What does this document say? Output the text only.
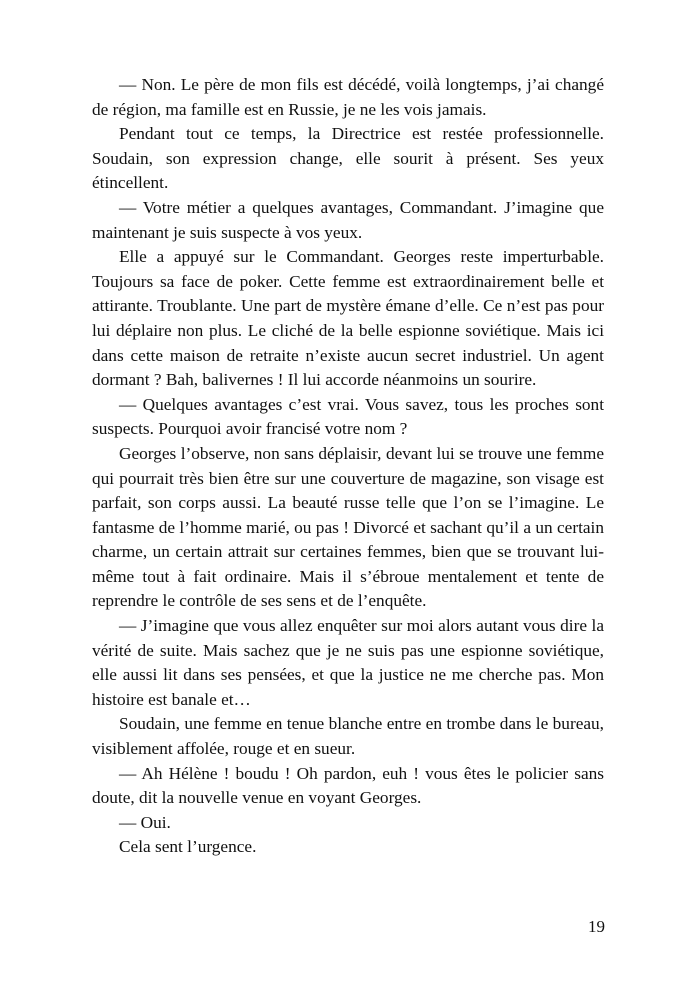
— Non. Le père de mon fils est décédé, voilà longtemps, j’ai changé de région, ma famille est en Russie, je ne les vois jamais.

Pendant tout ce temps, la Directrice est restée professionnelle. Soudain, son expression change, elle sourit à présent. Ses yeux étincellent.

— Votre métier a quelques avantages, Commandant. J’imagine que maintenant je suis suspecte à vos yeux.

Elle a appuyé sur le Commandant. Georges reste imperturbable. Toujours sa face de poker. Cette femme est extraordinairement belle et attirante. Troublante. Une part de mystère émane d’elle. Ce n’est pas pour lui déplaire non plus. Le cliché de la belle espionne soviétique. Mais ici dans cette maison de retraite n’existe aucun secret industriel. Un agent dormant ? Bah, balivernes ! Il lui accorde néanmoins un sourire.

— Quelques avantages c’est vrai. Vous savez, tous les proches sont suspects. Pourquoi avoir francisé votre nom ?

Georges l’observe, non sans déplaisir, devant lui se trouve une femme qui pourrait très bien être sur une couverture de magazine, son visage est parfait, son corps aussi. La beauté russe telle que l’on se l’imagine. Le fantasme de l’homme marié, ou pas ! Divorcé et sachant qu’il a un certain charme, un certain attrait sur certaines femmes, bien que se trouvant lui-même tout à fait ordinaire. Mais il s’ébroue mentalement et tente de reprendre le contrôle de ses sens et de l’enquête.

— J’imagine que vous allez enquêter sur moi alors autant vous dire la vérité de suite. Mais sachez que je ne suis pas une espionne soviétique, elle aussi lit dans ses pensées, et que la justice ne me cherche pas. Mon histoire est banale et…

Soudain, une femme en tenue blanche entre en trombe dans le bureau, visiblement affolée, rouge et en sueur.

— Ah Hélène ! boudu ! Oh pardon, euh ! vous êtes le policier sans doute, dit la nouvelle venue en voyant Georges.

— Oui.

Cela sent l’urgence.

19
